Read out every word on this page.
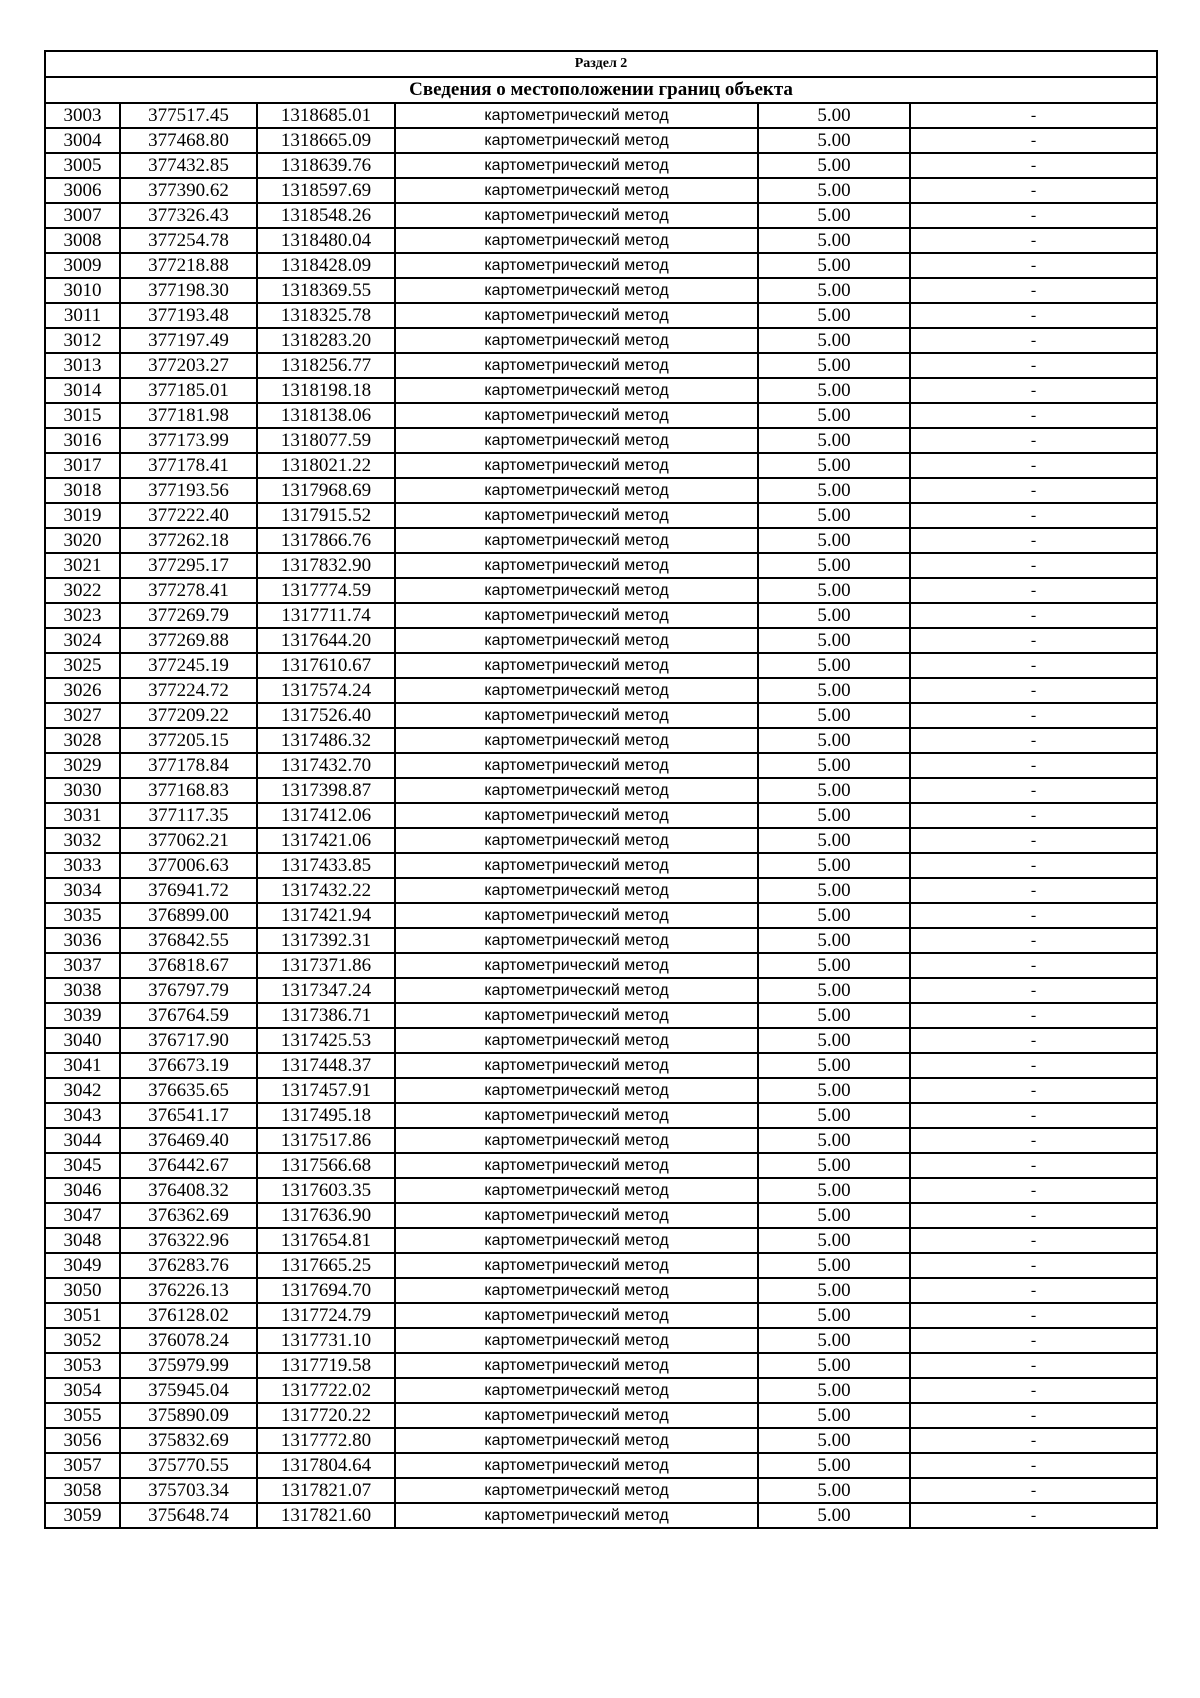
Раздел 2					
Сведения о местоположении границ объекта					
3003	377517.45	1318685.01	картометрический метод	5.00	-
3004	377468.80	1318665.09	картометрический метод	5.00	-
3005	377432.85	1318639.76	картометрический метод	5.00	-
3006	377390.62	1318597.69	картометрический метод	5.00	-
3007	377326.43	1318548.26	картометрический метод	5.00	-
3008	377254.78	1318480.04	картометрический метод	5.00	-
3009	377218.88	1318428.09	картометрический метод	5.00	-
3010	377198.30	1318369.55	картометрический метод	5.00	-
3011	377193.48	1318325.78	картометрический метод	5.00	-
3012	377197.49	1318283.20	картометрический метод	5.00	-
3013	377203.27	1318256.77	картометрический метод	5.00	-
3014	377185.01	1318198.18	картометрический метод	5.00	-
3015	377181.98	1318138.06	картометрический метод	5.00	-
3016	377173.99	1318077.59	картометрический метод	5.00	-
3017	377178.41	1318021.22	картометрический метод	5.00	-
3018	377193.56	1317968.69	картометрический метод	5.00	-
3019	377222.40	1317915.52	картометрический метод	5.00	-
3020	377262.18	1317866.76	картометрический метод	5.00	-
3021	377295.17	1317832.90	картометрический метод	5.00	-
3022	377278.41	1317774.59	картометрический метод	5.00	-
3023	377269.79	1317711.74	картометрический метод	5.00	-
3024	377269.88	1317644.20	картометрический метод	5.00	-
3025	377245.19	1317610.67	картометрический метод	5.00	-
3026	377224.72	1317574.24	картометрический метод	5.00	-
3027	377209.22	1317526.40	картометрический метод	5.00	-
3028	377205.15	1317486.32	картометрический метод	5.00	-
3029	377178.84	1317432.70	картометрический метод	5.00	-
3030	377168.83	1317398.87	картометрический метод	5.00	-
3031	377117.35	1317412.06	картометрический метод	5.00	-
3032	377062.21	1317421.06	картометрический метод	5.00	-
3033	377006.63	1317433.85	картометрический метод	5.00	-
3034	376941.72	1317432.22	картометрический метод	5.00	-
3035	376899.00	1317421.94	картометрический метод	5.00	-
3036	376842.55	1317392.31	картометрический метод	5.00	-
3037	376818.67	1317371.86	картометрический метод	5.00	-
3038	376797.79	1317347.24	картометрический метод	5.00	-
3039	376764.59	1317386.71	картометрический метод	5.00	-
3040	376717.90	1317425.53	картометрический метод	5.00	-
3041	376673.19	1317448.37	картометрический метод	5.00	-
3042	376635.65	1317457.91	картометрический метод	5.00	-
3043	376541.17	1317495.18	картометрический метод	5.00	-
3044	376469.40	1317517.86	картометрический метод	5.00	-
3045	376442.67	1317566.68	картометрический метод	5.00	-
3046	376408.32	1317603.35	картометрический метод	5.00	-
3047	376362.69	1317636.90	картометрический метод	5.00	-
3048	376322.96	1317654.81	картометрический метод	5.00	-
3049	376283.76	1317665.25	картометрический метод	5.00	-
3050	376226.13	1317694.70	картометрический метод	5.00	-
3051	376128.02	1317724.79	картометрический метод	5.00	-
3052	376078.24	1317731.10	картометрический метод	5.00	-
3053	375979.99	1317719.58	картометрический метод	5.00	-
3054	375945.04	1317722.02	картометрический метод	5.00	-
3055	375890.09	1317720.22	картометрический метод	5.00	-
3056	375832.69	1317772.80	картометрический метод	5.00	-
3057	375770.55	1317804.64	картометрический метод	5.00	-
3058	375703.34	1317821.07	картометрический метод	5.00	-
3059	375648.74	1317821.60	картометрический метод	5.00	-
